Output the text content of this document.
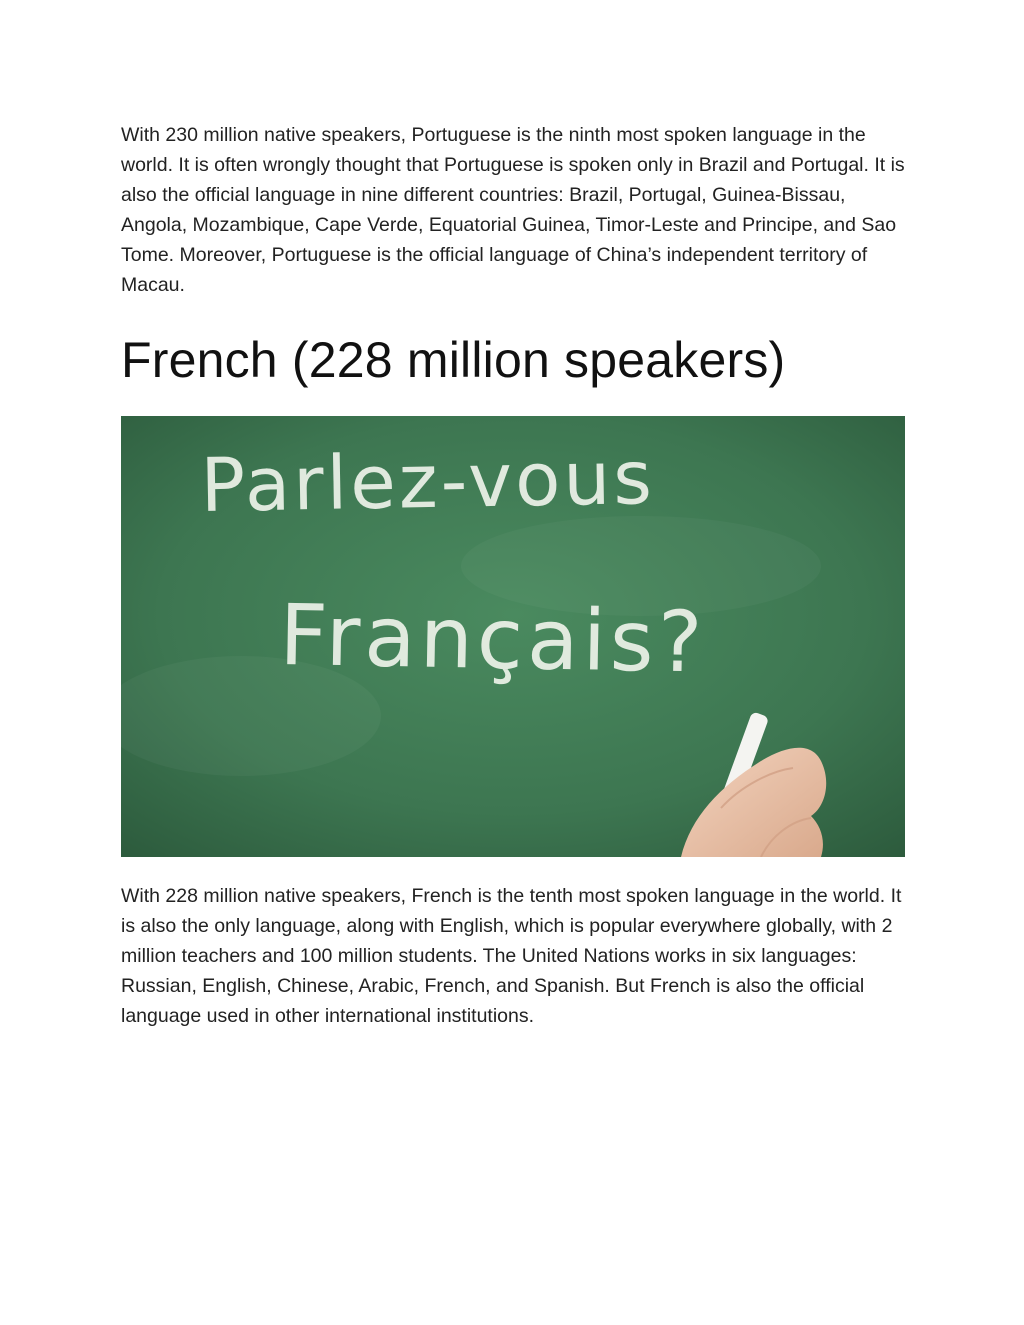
With 230 million native speakers, Portuguese is the ninth most spoken language in the world. It is often wrongly thought that Portuguese is spoken only in Brazil and Portugal. It is also the official language in nine different countries: Brazil, Portugal, Guinea-Bissau, Angola, Mozambique, Cape Verde, Equatorial Guinea, Timor-Leste and Principe, and Sao Tome. Moreover, Portuguese is the official language of China’s independent territory of Macau.

French (228 million speakers)
Parlez-vous
Français?

With 228 million native speakers, French is the tenth most spoken language in the world. It is also the only language, along with English, which is popular everywhere globally, with 2 million teachers and 100 million students. The United Nations works in six languages: Russian, English, Chinese, Arabic, French, and Spanish. But French is also the official language used in other international institutions.
